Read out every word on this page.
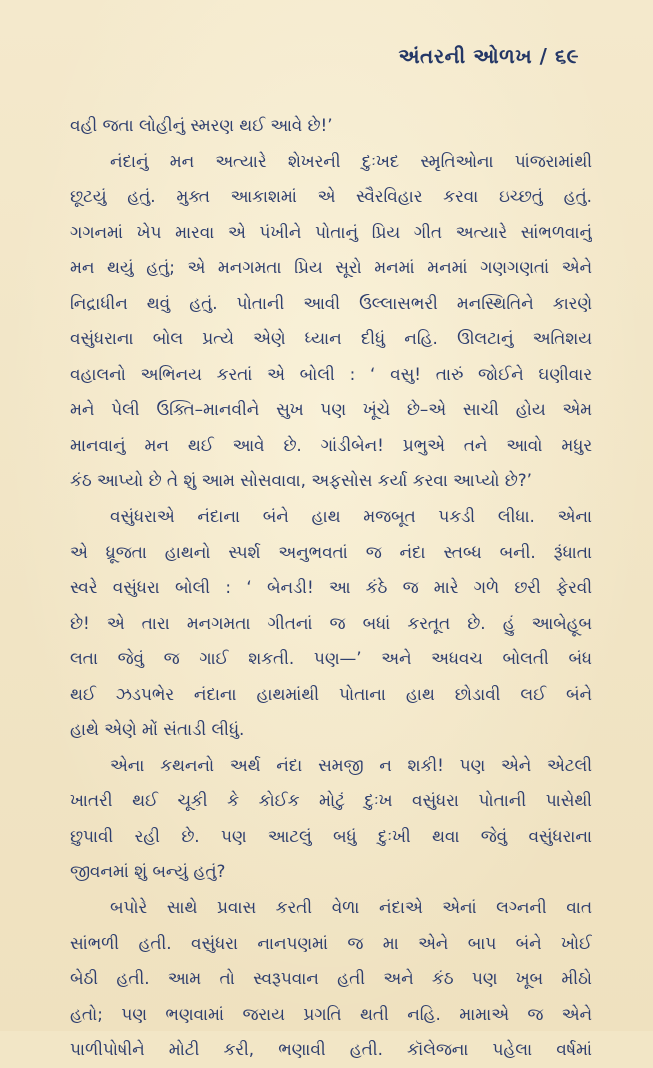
અંતરની ઓળખ / ૬૯
વહી જતા લોહીનું સ્મરણ થઈ આવે છે!’
નંદાનું મન અત્યારે શેખરની દુઃખદ સ્મૃતિઓના પાંજરામાંથી
છૂટયું હતું. મુક્ત આકાશમાં એ સ્વૈરવિહાર કરવા ઇચ્છતું હતું.
ગગનમાં ખેપ મારવા એ પંખીને પોતાનું પ્રિય ગીત અત્યારે સાંભળવાનું
મન થયું હતું; એ મનગમતા પ્રિય સૂરો મનમાં મનમાં ગણગણતાં એને
નિદ્રાધીન થવું હતું. પોતાની આવી ઉલ્લાસભરી મનસ્થિતિને કારણે
વસુંધરાના બોલ પ્રત્યે એણે ધ્યાન દીધું નહિ. ઊલટાનું અતિશય
વહાલનો અભિનય કરતાં એ બોલી : ‘ વસુ! તારું જોઈને ઘણીવાર
મને પેલી ઉક્તિ–માનવીને સુખ પણ ખૂંચે છે–એ સાચી હોય એમ
માનવાનું મન થઈ આવે છે. ગાંડીબેન! પ્રભુએ તને આવો મધુર
કંઠ આપ્યો છે તે શું આમ સોસવાવા, અફસોસ કર્યા કરવા આપ્યો છે?’
વસુંધરાએ નંદાના બંને હાથ મજબૂત પકડી લીધા. એના
એ ધ્રૂજતા હાથનો સ્પર્શ અનુભવતાં જ નંદા સ્તબ્ધ બની. રૂંધાતા
સ્વરે વસુંધરા બોલી : ‘ બેનડી! આ કંઠે જ મારે ગળે છરી ફેરવી
છે! એ તારા મનગમતા ગીતનાં જ બધાં કરતૂત છે. હું આબેહૂબ
લતા જેવું જ ગાઈ શકતી. પણ—’ અને અધવચ બોલતી બંધ
થઈ ઝડપભેર નંદાના હાથમાંથી પોતાના હાથ છોડાવી લઈ બંને
હાથે એણે મોં સંતાડી લીધું.
એના કથનનો અર્થ નંદા સમજી ન શકી! પણ એને એટલી
ખાતરી થઈ ચૂકી કે કોઈક મોટું દુઃખ વસુંધરા પોતાની પાસેથી
છુપાવી રહી છે. પણ આટલું બધું દુઃખી થવા જેવું વસુંધરાના
જીવનમાં શું બન્યું હતું?
બપોરે સાથે પ્રવાસ કરતી વેળા નંદાએ એનાં લગ્નની વાત
સાંભળી હતી. વસુંધરા નાનપણમાં જ મા એને બાપ બંને ખોઈ
બેઠી હતી. આમ તો સ્વરૂપવાન હતી અને કંઠ પણ ખૂબ મીઠો
હતો; પણ ભણવામાં જરાય પ્રગતિ થતી નહિ. મામાએ જ એને
પાળીપોષીને મોટી કરી, ભણાવી હતી. કૉલેજના પહેલા વર્ષમાં
